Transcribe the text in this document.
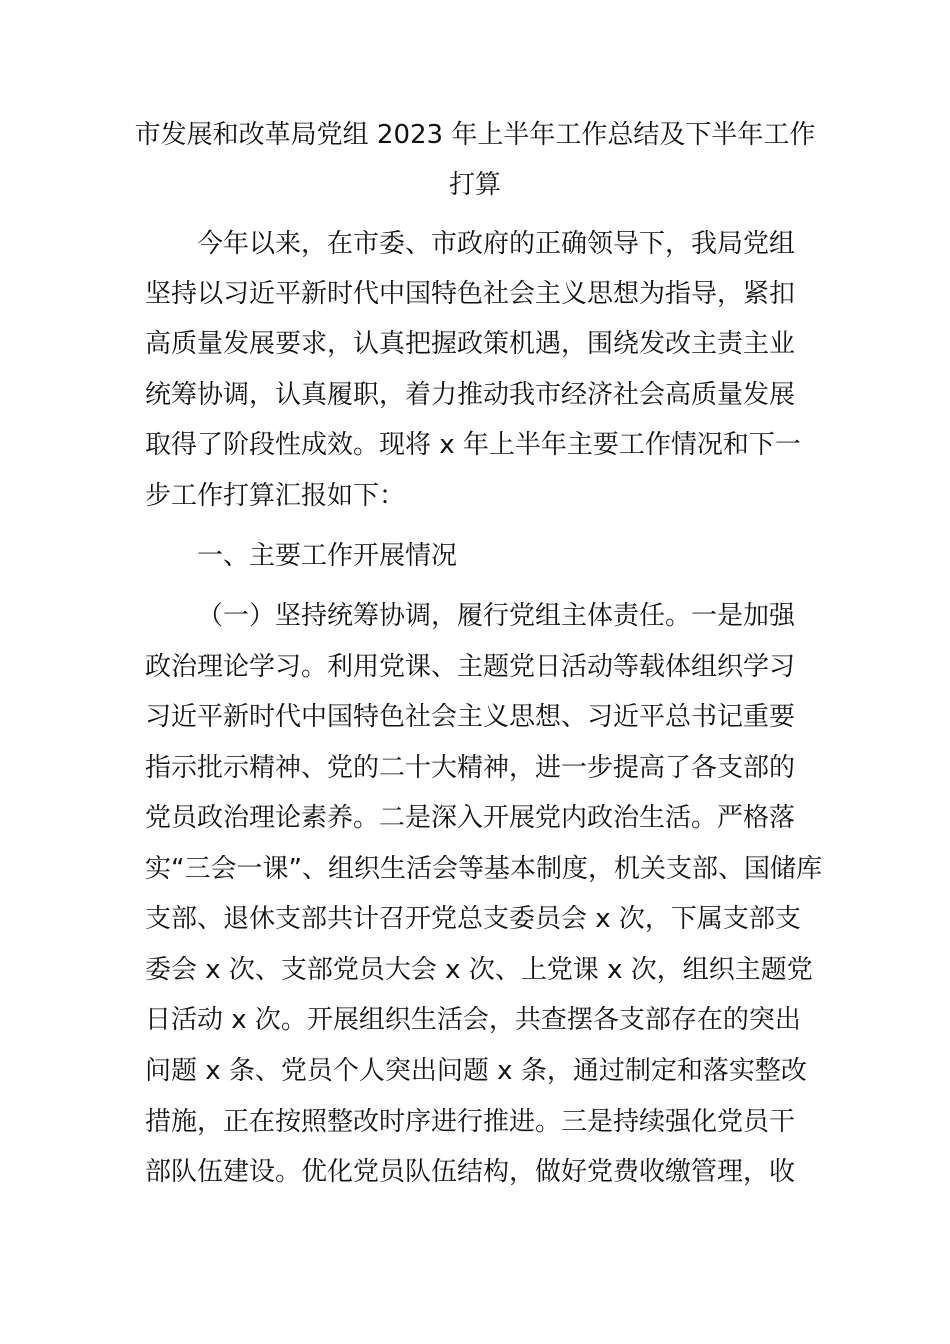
市发展和改革局党组 2023 年上半年工作总结及下半年工作
打算
今年以来，在市委、市政府的正确领导下，我局党组
坚持以习近平新时代中国特色社会主义思想为指导，紧扣
高质量发展要求，认真把握政策机遇，围绕发改主责主业
统筹协调，认真履职，着力推动我市经济社会高质量发展
取得了阶段性成效。现将 x 年上半年主要工作情况和下一
步工作打算汇报如下：
一、主要工作开展情况
（一）坚持统筹协调，履行党组主体责任。一是加强
政治理论学习。利用党课、主题党日活动等载体组织学习
习近平新时代中国特色社会主义思想、习近平总书记重要
指示批示精神、党的二十大精神，进一步提高了各支部的
党员政治理论素养。二是深入开展党内政治生活。严格落
实“三会一课”、组织生活会等基本制度，机关支部、国储库
支部、退休支部共计召开党总支委员会 x 次，下属支部支
委会 x 次、支部党员大会 x 次、上党课 x 次，组织主题党
日活动 x 次。开展组织生活会，共查摆各支部存在的突出
问题 x 条、党员个人突出问题 x 条，通过制定和落实整改
措施，正在按照整改时序进行推进。三是持续强化党员干
部队伍建设。优化党员队伍结构，做好党费收缴管理，收
